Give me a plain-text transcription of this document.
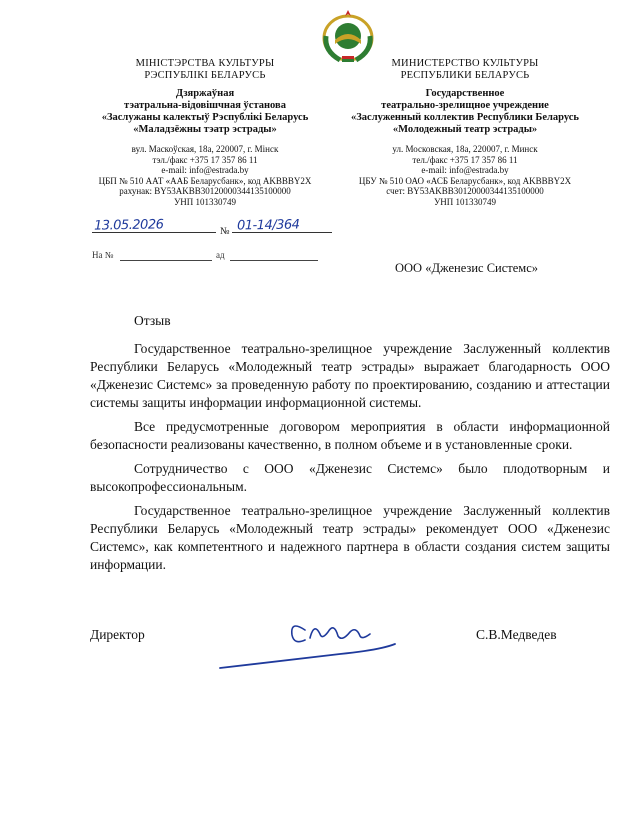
МІНІСТЭРСТВА КУЛЬТУРЫ
РЭСПУБЛІКІ БЕЛАРУСЬ
Дзяржаўная
тэатральна-відовішчная ўстанова
«Заслужаны калектыў Рэспублікі Беларусь
«Маладзёжны тэатр эстрады»
вул. Маскоўская, 18а, 220007, г. Мінск
тэл./факс +375 17 357 86 11
e-mail: info@estrada.by
ЦБП № 510 ААТ «ААБ Беларусбанк», код AKBBBY2X
рахунак: BY53AKBB30120000344135100000
УНП 101330749
МИНИСТЕРСТВО КУЛЬТУРЫ
РЕСПУБЛИКИ БЕЛАРУСЬ
Государственное
театрально-зрелищное учреждение
«Заслуженный коллектив Республики Беларусь
«Молодежный театр эстрады»
ул. Московская, 18а, 220007, г. Минск
тел./факс +375 17 357 86 11
e-mail: info@estrada.by
ЦБУ № 510 ОАО «АСБ Беларусбанк», код AKBBBY2X
счет: BY53AKBB30120000344135100000
УНП 101330749
13.05.2026	№ 01-14/364
На №	ад
ООО «Дженезис Системс»
Отзыв

Государственное театрально-зрелищное учреждение Заслуженный коллектив Республики Беларусь «Молодежный театр эстрады» выражает благодарность ООО «Дженезис Системс» за проведенную работу по проектированию, созданию и аттестации системы защиты информации информационной системы.

Все предусмотренные договором мероприятия в области информационной безопасности реализованы качественно, в полном объеме и в установленные сроки.

Сотрудничество с ООО «Дженезис Системс» было плодотворным и высокопрофессиональным.

Государственное театрально-зрелищное учреждение Заслуженный коллектив Республики Беларусь «Молодежный театр эстрады» рекомендует ООО «Дженезис Системс», как компетентного и надежного партнера в области создания систем защиты информации.

Директор	С.В.Медведев
